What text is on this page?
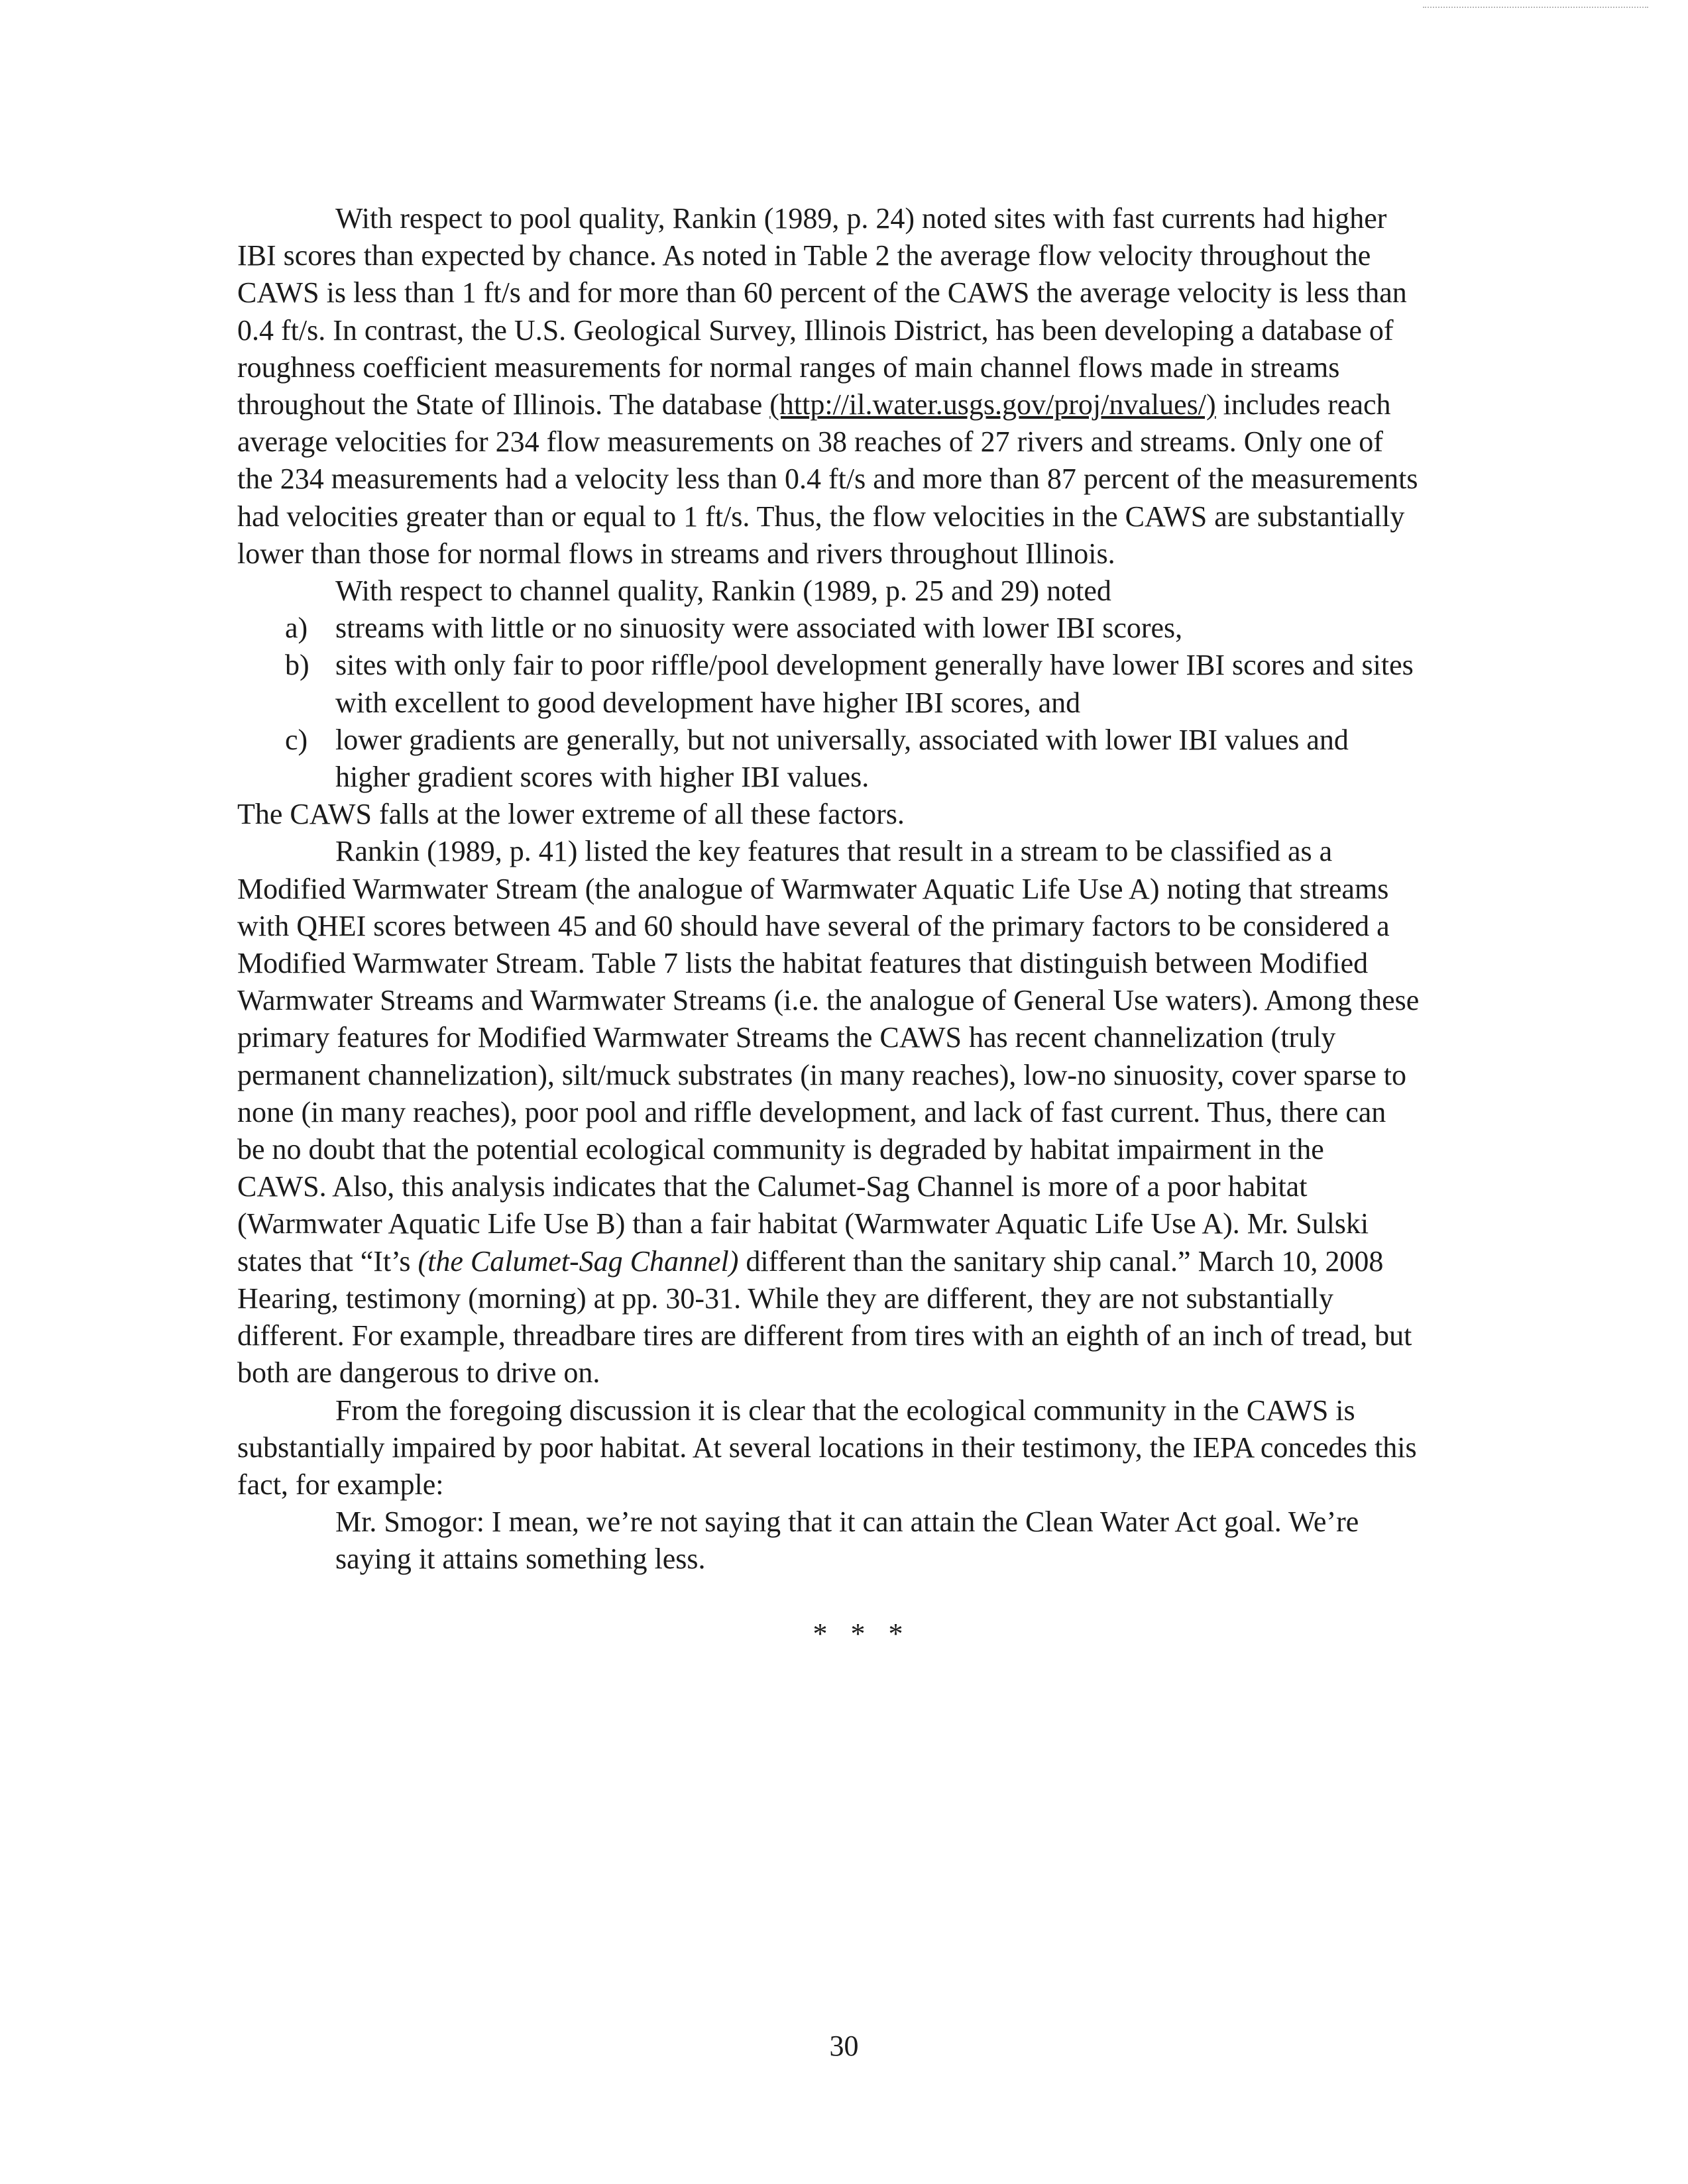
With respect to pool quality, Rankin (1989, p. 24) noted sites with fast currents had higher IBI scores than expected by chance. As noted in Table 2 the average flow velocity throughout the CAWS is less than 1 ft/s and for more than 60 percent of the CAWS the average velocity is less than 0.4 ft/s. In contrast, the U.S. Geological Survey, Illinois District, has been developing a database of roughness coefficient measurements for normal ranges of main channel flows made in streams throughout the State of Illinois. The database (http://il.water.usgs.gov/proj/nvalues/) includes reach average velocities for 234 flow measurements on 38 reaches of 27 rivers and streams. Only one of the 234 measurements had a velocity less than 0.4 ft/s and more than 87 percent of the measurements had velocities greater than or equal to 1 ft/s. Thus, the flow velocities in the CAWS are substantially lower than those for normal flows in streams and rivers throughout Illinois.

With respect to channel quality, Rankin (1989, p. 25 and 29) noted

a) streams with little or no sinuosity were associated with lower IBI scores,
b) sites with only fair to poor riffle/pool development generally have lower IBI scores and sites with excellent to good development have higher IBI scores, and
c) lower gradients are generally, but not universally, associated with lower IBI values and higher gradient scores with higher IBI values.

The CAWS falls at the lower extreme of all these factors.

Rankin (1989, p. 41) listed the key features that result in a stream to be classified as a Modified Warmwater Stream (the analogue of Warmwater Aquatic Life Use A) noting that streams with QHEI scores between 45 and 60 should have several of the primary factors to be considered a Modified Warmwater Stream. Table 7 lists the habitat features that distinguish between Modified Warmwater Streams and Warmwater Streams (i.e. the analogue of General Use waters). Among these primary features for Modified Warmwater Streams the CAWS has recent channelization (truly permanent channelization), silt/muck substrates (in many reaches), low-no sinuosity, cover sparse to none (in many reaches), poor pool and riffle development, and lack of fast current. Thus, there can be no doubt that the potential ecological community is degraded by habitat impairment in the CAWS. Also, this analysis indicates that the Calumet-Sag Channel is more of a poor habitat (Warmwater Aquatic Life Use B) than a fair habitat (Warmwater Aquatic Life Use A). Mr. Sulski states that “It’s (the Calumet-Sag Channel) different than the sanitary ship canal.” March 10, 2008 Hearing, testimony (morning) at pp. 30-31. While they are different, they are not substantially different. For example, threadbare tires are different from tires with an eighth of an inch of tread, but both are dangerous to drive on.

From the foregoing discussion it is clear that the ecological community in the CAWS is substantially impaired by poor habitat. At several locations in their testimony, the IEPA concedes this fact, for example:

Mr. Smogor: I mean, we’re not saying that it can attain the Clean Water Act goal. We’re saying it attains something less.

* * *

30
